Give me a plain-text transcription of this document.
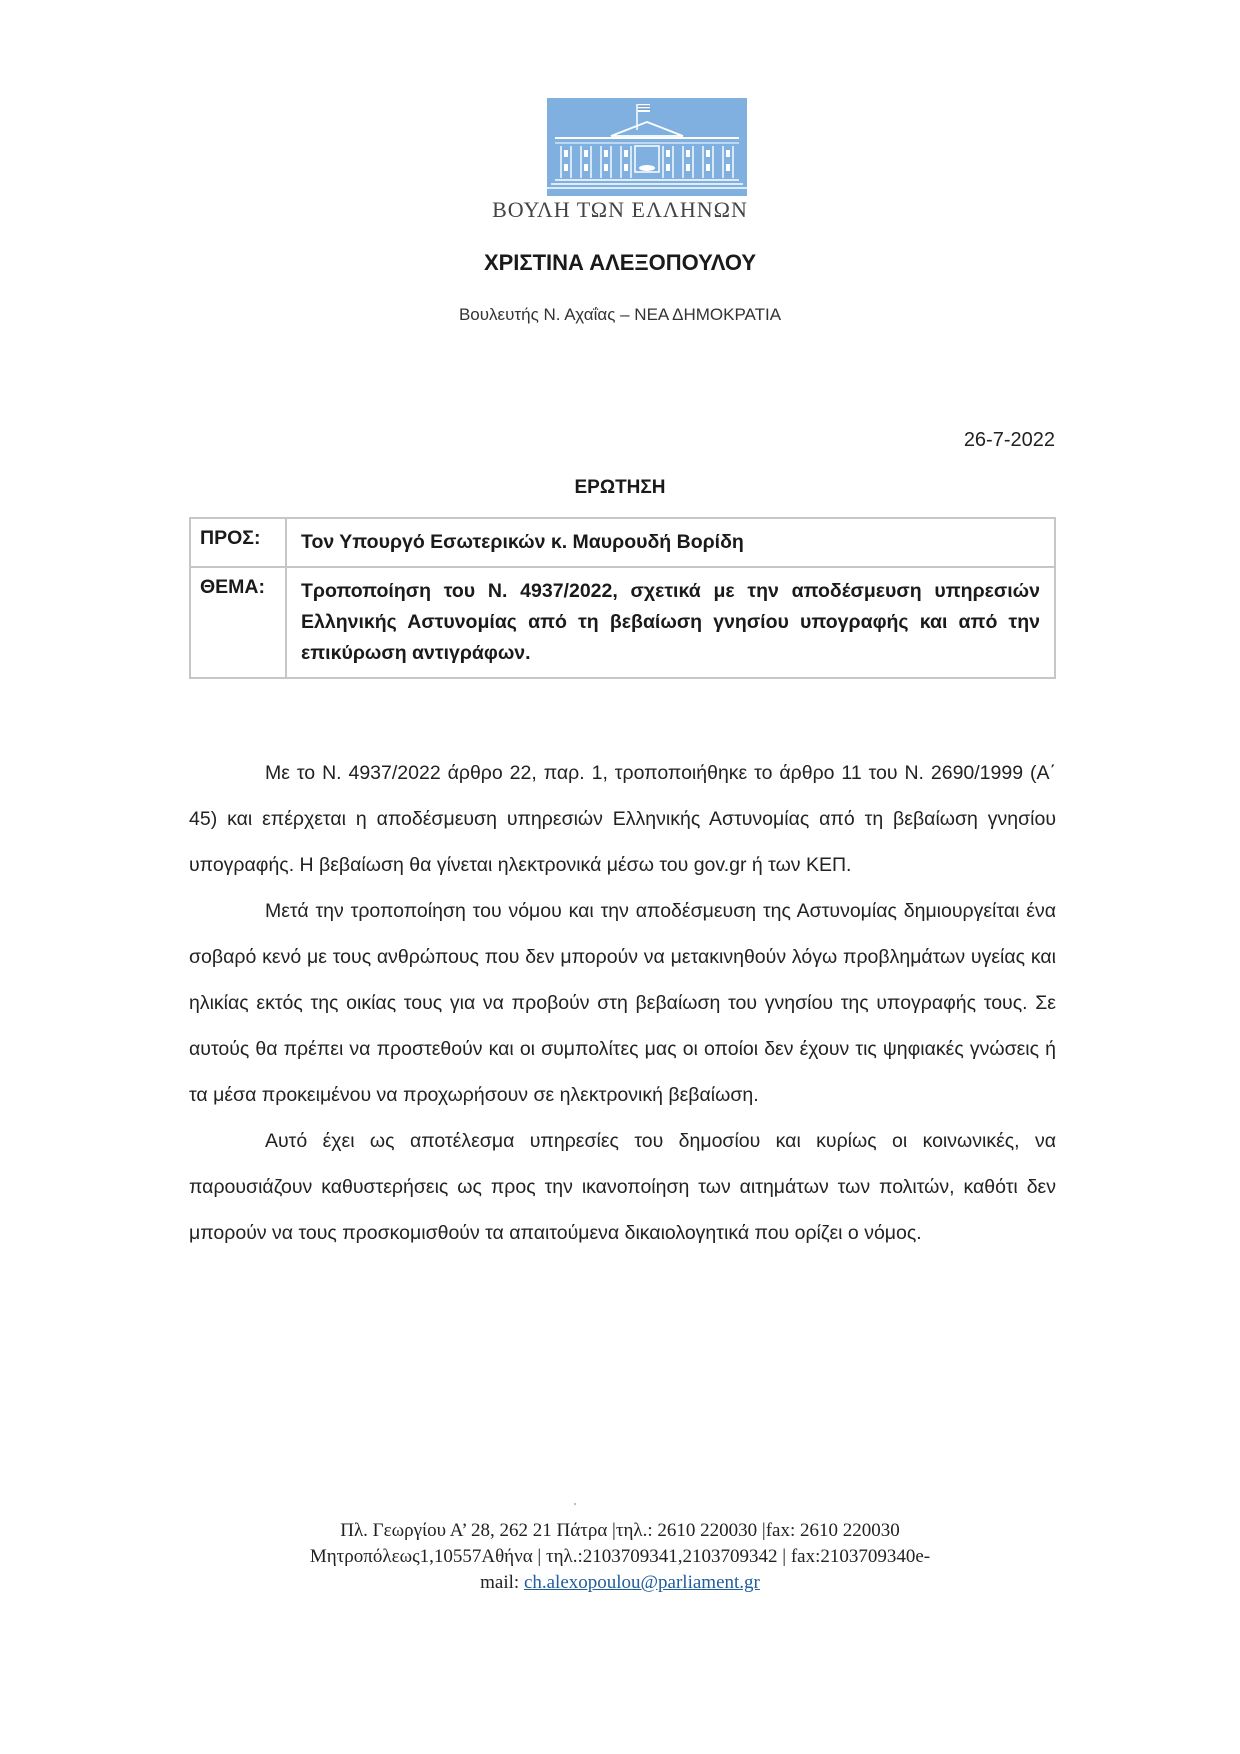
ΒΟΥΛΗ ΤΩΝ ΕΛΛΗΝΩΝ
ΧΡΙΣΤΙΝΑ ΑΛΕΞΟΠΟΥΛΟΥ
Βουλευτής Ν. Αχαΐας – ΝΕΑ ΔΗΜΟΚΡΑΤΙΑ
26-7-2022
ΕΡΩΤΗΣΗ
ΠΡΟΣ:	Τον Υπουργό Εσωτερικών κ. Μαυρουδή Βορίδη
ΘΕΜΑ:	Τροποποίηση του Ν. 4937/2022, σχετικά με την αποδέσμευση υπηρεσιών Ελληνικής Αστυνομίας από τη βεβαίωση γνησίου υπογραφής και από την επικύρωση αντιγράφων.

Με το Ν. 4937/2022 άρθρο 22, παρ. 1, τροποποιήθηκε το άρθρο 11 του Ν. 2690/1999 (Α΄ 45) και επέρχεται η αποδέσμευση υπηρεσιών Ελληνικής Αστυνομίας από τη βεβαίωση γνησίου υπογραφής. Η βεβαίωση θα γίνεται ηλεκτρονικά μέσω του gov.gr ή των ΚΕΠ.

Μετά την τροποποίηση του νόμου και την αποδέσμευση της Αστυνομίας δημιουργείται ένα σοβαρό κενό με τους ανθρώπους που δεν μπορούν να μετακινηθούν λόγω προβλημάτων υγείας και ηλικίας εκτός της οικίας τους για να προβούν στη βεβαίωση του γνησίου της υπογραφής τους. Σε αυτούς θα πρέπει να προστεθούν και οι συμπολίτες μας οι οποίοι δεν έχουν τις ψηφιακές γνώσεις ή τα μέσα προκειμένου να προχωρήσουν σε ηλεκτρονική βεβαίωση.

Αυτό έχει ως αποτέλεσμα υπηρεσίες του δημοσίου και κυρίως οι κοινωνικές, να παρουσιάζουν καθυστερήσεις ως προς την ικανοποίηση των αιτημάτων των πολιτών, καθότι δεν μπορούν να τους προσκομισθούν τα απαιτούμενα δικαιολογητικά που ορίζει ο νόμος.

'
Πλ. Γεωργίου Α’ 28, 262 21 Πάτρα |τηλ.: 2610 220030 |fax: 2610 220030
Μητροπόλεως1,10557Αθήνα | τηλ.:2103709341,2103709342 | fax:2103709340e-
mail: ch.alexopoulou@parliament.gr
